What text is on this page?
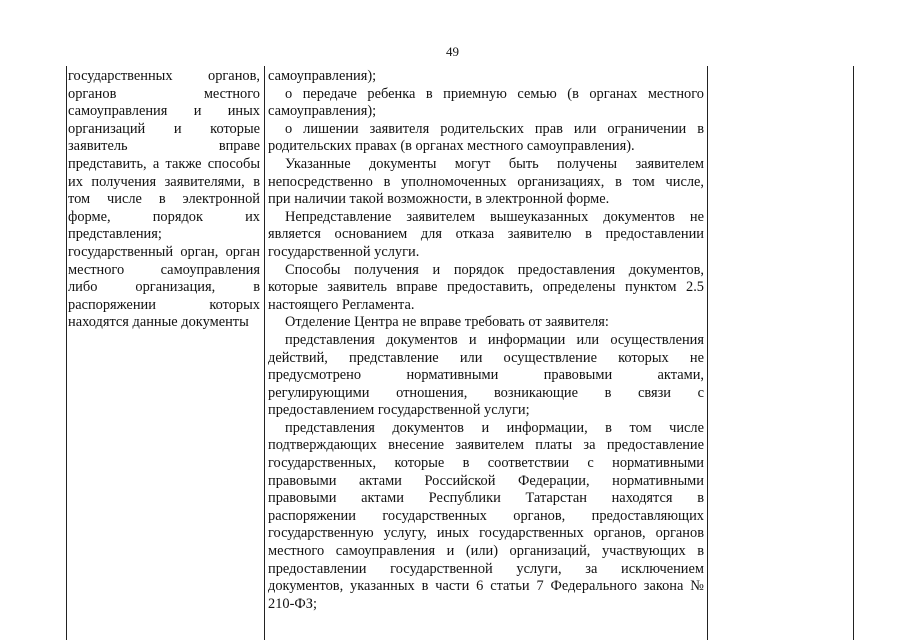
49

государственных органов,

органов местного

самоуправления и иных

организаций и которые

заявитель вправе

представить, а также способы

их получения заявителями, в

том числе в электронной

форме, порядок их

представления;

государственный орган, орган

местного самоуправления

либо организация, в

распоряжении которых

находятся данные документы

самоуправления);

о передаче ребенка в приемную семью (в органах местного

самоуправления);

о лишении заявителя родительских прав или ограничении в

родительских правах (в органах местного самоуправления).

Указанные документы могут быть получены заявителем

непосредственно в уполномоченных организациях, в том числе,

при наличии такой возможности, в электронной форме.

Непредставление заявителем вышеуказанных документов не

является основанием для отказа заявителю в предоставлении

государственной услуги.

Способы получения и порядок предоставления документов,

которые заявитель вправе предоставить, определены пунктом 2.5

настоящего Регламента.

Отделение Центра не вправе требовать от заявителя:

представления документов и информации или осуществления

действий, представление или осуществление которых не

предусмотрено нормативными правовыми актами,

регулирующими отношения, возникающие в связи с

предоставлением государственной услуги;

представления документов и информации, в том числе

подтверждающих внесение заявителем платы за предоставление

государственных, которые в соответствии с нормативными

правовыми актами Российской Федерации, нормативными

правовыми актами Республики Татарстан находятся в

распоряжении государственных органов, предоставляющих

государственную услугу, иных государственных органов, органов

местного самоуправления и (или) организаций, участвующих в

предоставлении государственной услуги, за исключением

документов, указанных в части 6 статьи 7 Федерального закона №

210-ФЗ;
